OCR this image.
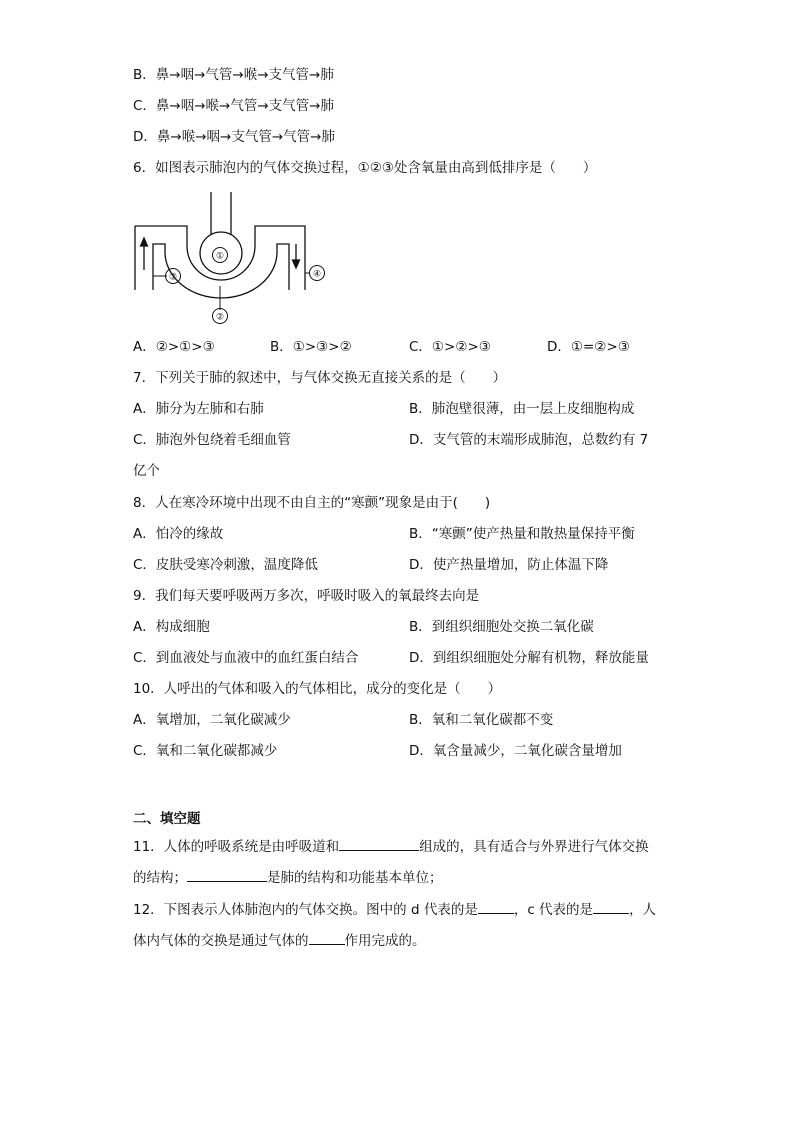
B．鼻→咽→气管→喉→支气管→肺
C．鼻→咽→喉→气管→支气管→肺
D．鼻→喉→咽→支气管→气管→肺
6．如图表示肺泡内的气体交换过程，①②③处含氧量由高到低排序是（　　）
①
②
③	④
A．②>①>③	B．①>③>②	C．①>②>③	D．①=②>③
7．下列关于肺的叙述中，与气体交换无直接关系的是（　　）
A．肺分为左肺和右肺	B．肺泡壁很薄，由一层上皮细胞构成
C．肺泡外包绕着毛细血管	D．支气管的末端形成肺泡，总数约有 7
亿个
8．人在寒冷环境中出现不由自主的“寒颤”现象是由于(　　)
A．怕冷的缘故	B．“寒颤”使产热量和散热量保持平衡
C．皮肤受寒冷刺激，温度降低	D．使产热量增加，防止体温下降
9．我们每天要呼吸两万多次，呼吸时吸入的氧最终去向是
A．构成细胞	B．到组织细胞处交换二氧化碳
C．到血液处与血液中的血红蛋白结合	D．到组织细胞处分解有机物，释放能量
10．人呼出的气体和吸入的气体相比，成分的变化是（　　）
A．氧增加，二氧化碳减少	B．氧和二氧化碳都不变
C．氧和二氧化碳都减少	D．氧含量减少，二氧化碳含量增加
二、填空题
11．人体的呼吸系统是由呼吸道和	组成的，具有适合与外界进行气体交换
的结构；	是肺的结构和功能基本单位；
12．下图表示人体肺泡内的气体交换。图中的 d 代表的是	，c 代表的是	，人
体内气体的交换是通过气体的	作用完成的。
